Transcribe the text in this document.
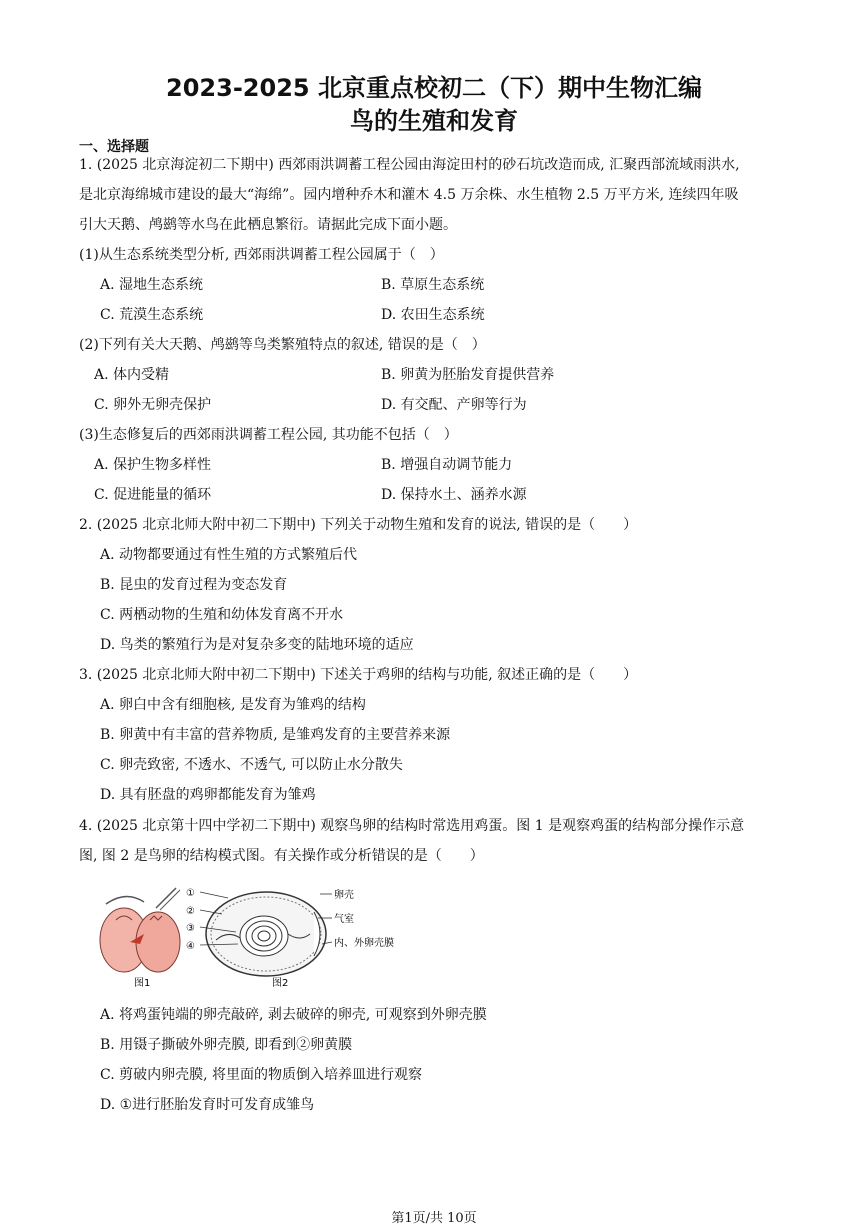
2023-2025 北京重点校初二（下）期中生物汇编
鸟的生殖和发育
一、选择题
1. (2025 北京海淀初二下期中) 西郊雨洪调蓄工程公园由海淀田村的砂石坑改造而成, 汇聚西部流域雨洪水,
是北京海绵城市建设的最大“海绵”。园内增种乔木和灌木 4.5 万余株、水生植物 2.5 万平方米, 连续四年吸
引大天鹅、鸬鹚等水鸟在此栖息繁衍。请据此完成下面小题。
(1)从生态系统类型分析, 西郊雨洪调蓄工程公园属于（　）
A. 湿地生态系统	B. 草原生态系统
C. 荒漠生态系统	D. 农田生态系统
(2)下列有关大天鹅、鸬鹚等鸟类繁殖特点的叙述, 错误的是（　）
A. 体内受精	B. 卵黄为胚胎发育提供营养
C. 卵外无卵壳保护	D. 有交配、产卵等行为
(3)生态修复后的西郊雨洪调蓄工程公园, 其功能不包括（　）
A. 保护生物多样性	B. 增强自动调节能力
C. 促进能量的循环	D. 保持水土、涵养水源
2. (2025 北京北师大附中初二下期中) 下列关于动物生殖和发育的说法, 错误的是（　　）
A. 动物都要通过有性生殖的方式繁殖后代
B. 昆虫的发育过程为变态发育
C. 两栖动物的生殖和幼体发育离不开水
D. 鸟类的繁殖行为是对复杂多变的陆地环境的适应
3. (2025 北京北师大附中初二下期中) 下述关于鸡卵的结构与功能, 叙述正确的是（　　）
A. 卵白中含有细胞核, 是发育为雏鸡的结构
B. 卵黄中有丰富的营养物质, 是雏鸡发育的主要营养来源
C. 卵壳致密, 不透水、不透气, 可以防止水分散失
D. 具有胚盘的鸡卵都能发育为雏鸡
4. (2025 北京第十四中学初二下期中) 观察鸟卵的结构时常选用鸡蛋。图 1 是观察鸡蛋的结构部分操作示意
图, 图 2 是鸟卵的结构模式图。有关操作或分析错误的是（　　）
图1
①
②
③
④
卵壳
气室
内、外卵壳膜
图2
A. 将鸡蛋钝端的卵壳敲碎, 剥去破碎的卵壳, 可观察到外卵壳膜
B. 用镊子撕破外卵壳膜, 即看到②卵黄膜
C. 剪破内卵壳膜, 将里面的物质倒入培养皿进行观察
D. ①进行胚胎发育时可发育成雏鸟
第1页/共 10页
